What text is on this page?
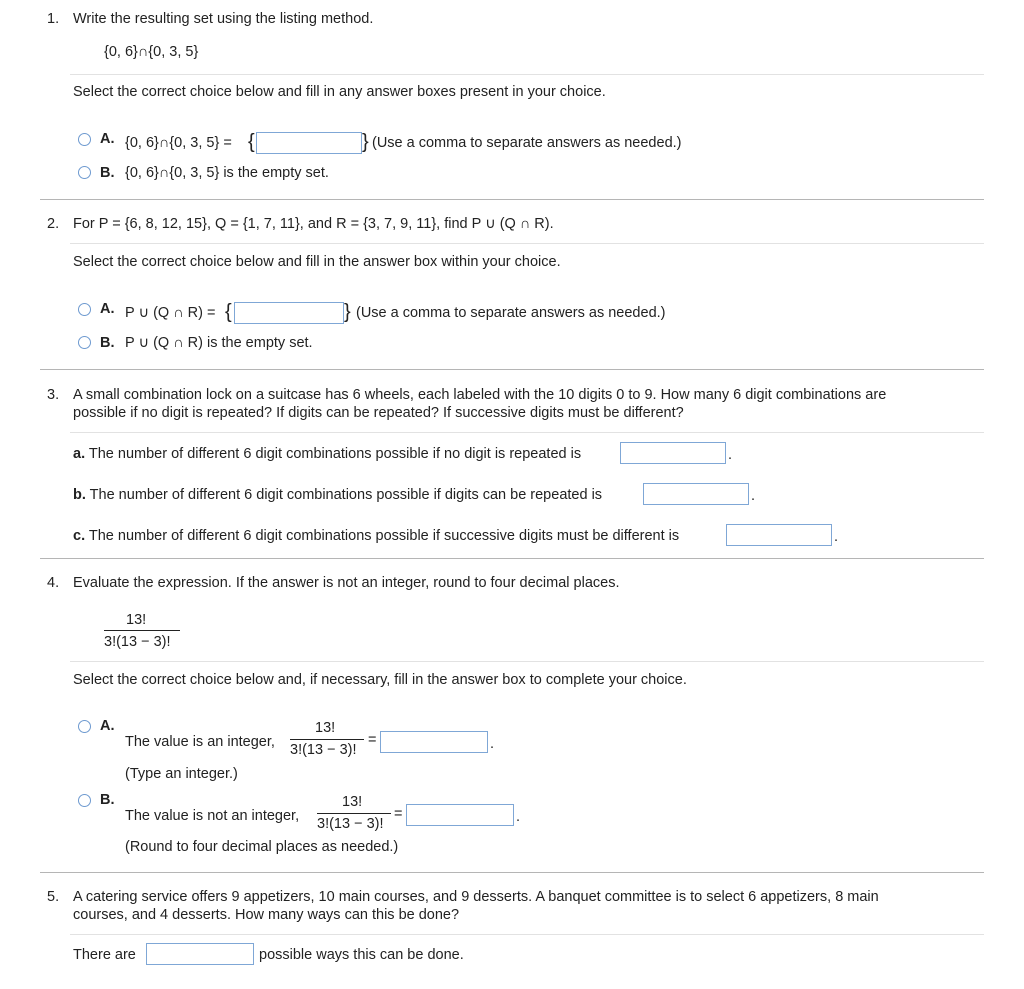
1. Write the resulting set using the listing method.
{0, 6}∩{0, 3, 5}
Select the correct choice below and fill in any answer boxes present in your choice.
A. {0, 6}∩{0, 3, 5} = {	} (Use a comma to separate answers as needed.)
B. {0, 6}∩{0, 3, 5} is the empty set.
2. For P = {6, 8, 12, 15}, Q = {1, 7, 11}, and R = {3, 7, 9, 11}, find P ∪ (Q ∩ R).
Select the correct choice below and fill in the answer box within your choice.
A. P ∪ (Q ∩ R) = {	} (Use a comma to separate answers as needed.)
B. P ∪ (Q ∩ R) is the empty set.
3. A small combination lock on a suitcase has 6 wheels, each labeled with the 10 digits 0 to 9. How many 6 digit combinations are
possible if no digit is repeated? If digits can be repeated? If successive digits must be different?
a. The number of different 6 digit combinations possible if no digit is repeated is	.
b. The number of different 6 digit combinations possible if digits can be repeated is	.
c. The number of different 6 digit combinations possible if successive digits must be different is	.
4. Evaluate the expression. If the answer is not an integer, round to four decimal places.
13!
3!(13 − 3)!
Select the correct choice below and, if necessary, fill in the answer box to complete your choice.
A.
The value is an integer,
13!
3!(13 − 3)!
=	.
(Type an integer.)
B.
The value is not an integer,
13!
3!(13 − 3)!
=	.
(Round to four decimal places as needed.)
5. A catering service offers 9 appetizers, 10 main courses, and 9 desserts. A banquet committee is to select 6 appetizers, 8 main
courses, and 4 desserts. How many ways can this be done?
There are	possible ways this can be done.
